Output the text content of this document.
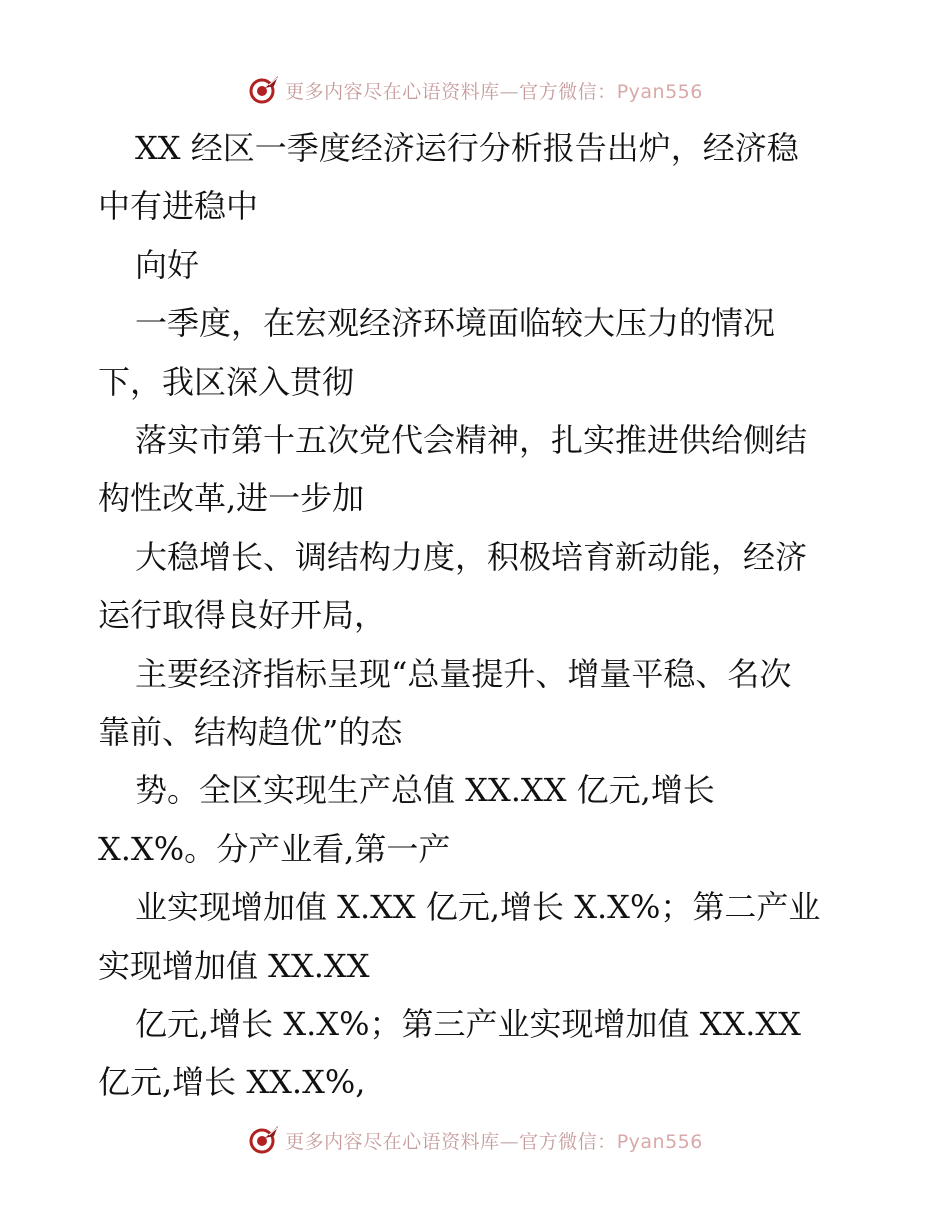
更多内容尽在心语资料库—官方微信：Pyan556
XX 经区一季度经济运行分析报告出炉，经济稳
中有进稳中
向好
一季度，在宏观经济环境面临较大压力的情况
下，我区深入贯彻
落实市第十五次党代会精神，扎实推进供给侧结
构性改革,进一步加
大稳增长、调结构力度，积极培育新动能，经济
运行取得良好开局，
主要经济指标呈现“总量提升、增量平稳、名次
靠前、结构趋优”的态
势。全区实现生产总值 XX.XX 亿元,增长
X.X%。分产业看,第一产
业实现增加值 X.XX 亿元,增长 X.X%；第二产业
实现增加值 XX.XX
亿元,增长 X.X%；第三产业实现增加值 XX.XX
亿元,增长 XX.X%,
更多内容尽在心语资料库—官方微信：Pyan556
